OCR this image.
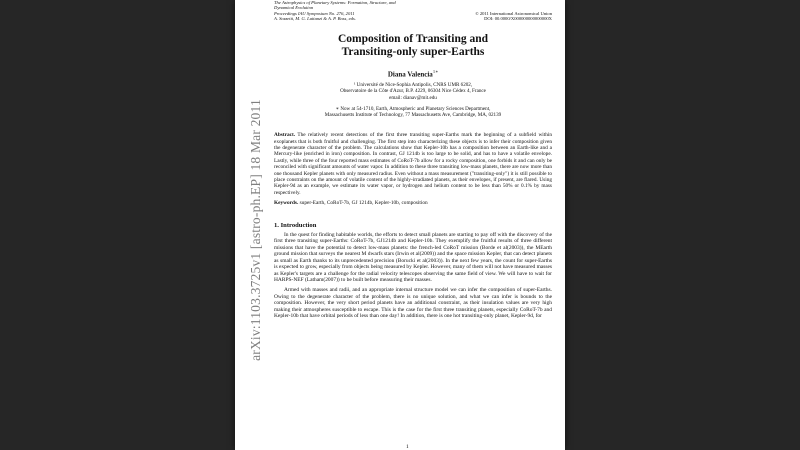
arXiv:1103.3725v1 [astro-ph.EP] 18 Mar 2011
The Astrophysics of Planetary Systems: Formation, Structure, and
Dynamical Evolution
Proceedings IAU Symposium No. 276, 2011	© 2011 International Astronomical Union
A. Sozzetti, M. G. Lattanzi & A. P. Boss, eds.	DOI: 00.0000/X000000000000000X
Composition of Transiting and
Transiting-only super-Earths
Diana Valencia$^{1∗}$
¹ Université de Nice-Sophia Antipolis, CNRS UMR 6202,
Observatoire de la Côte d'Azur, B.P. 4229, 06304 Nice Cédex 4, France
email: dianav@mit.edu
∗ Now at 54-1710, Earth, Atmospheric and Planetary Sciences Department,
Massachusetts Institute of Technology, 77 Massachusetts Ave, Cambridge, MA, 02139
Abstract. The relatively recent detections of the first three transiting super-Earths mark the beginning of a subfield within exoplanets that is both fruitful and challenging. The first step into characterizing these objects is to infer their composition given the degenerate character of the problem. The calculations show that Kepler-10b has a composition between an Earth-like and a Mercury-like (enriched in iron) composition. In contrast, GJ 1214b is too large to be solid, and has to have a volatile envelope. Lastly, while three of the four reported mass estimates of CoRoT-7b allow for a rocky composition, one forbids it and can only be reconciled with significant amounts of water vapor. In addition to these three transiting low-mass planets, there are now more than one thousand Kepler planets with only measured radius. Even without a mass measurement ("transiting-only") it is still possible to place constraints on the amount of volatile content of the highly-irradiated planets, as their envelopes, if present, are flared. Using Kepler-9d as an example, we estimate its water vapor, or hydrogen and helium content to be less than 50% or 0.1% by mass respectively.
Keywords. super-Earth, CoRoT-7b, GJ 1214b, Kepler-10b, composition
1. Introduction
In the quest for finding habitable worlds, the efforts to detect small planets are starting to pay off with the discovery of the first three transiting super-Earths: CoRoT-7b, GJ1214b and Kepler-10b. They exemplify the fruitful results of three different missions that have the potential to detect low-mass planets: the french-led CoRoT mission (Borde et al(2003)), the MEarth ground mission that surveys the nearest M dwarfs stars (Irwin et al(2009)) and the space mission Kepler, that can detect planets as small as Earth thanks to its unprecedented precision (Borucki et al(2003)). In the next few years, the count for super-Earths is expected to grow, especially from objects being measured by Kepler. However, many of them will not have measured masses as Kepler's targets are a challenge for the radial velocity telescopes observing the same field of view. We will have to wait for HARPS-NEF (Latham(2007)) to be built before measuring their masses.
Armed with masses and radii, and an appropriate internal structure model we can infer the composition of super-Earths. Owing to the degenerate character of the problem, there is no unique solution, and what we can infer is bounds to the composition. However, the very short period planets have an additional constraint, as their insulation values are very high making their atmospheres susceptible to escape. This is the case for the first three transiting planets, especially CoRoT-7b and Kepler-10b that have orbital periods of less than one day! In addition, there is one hot transiting-only planet, Kepler-9d, for
1
